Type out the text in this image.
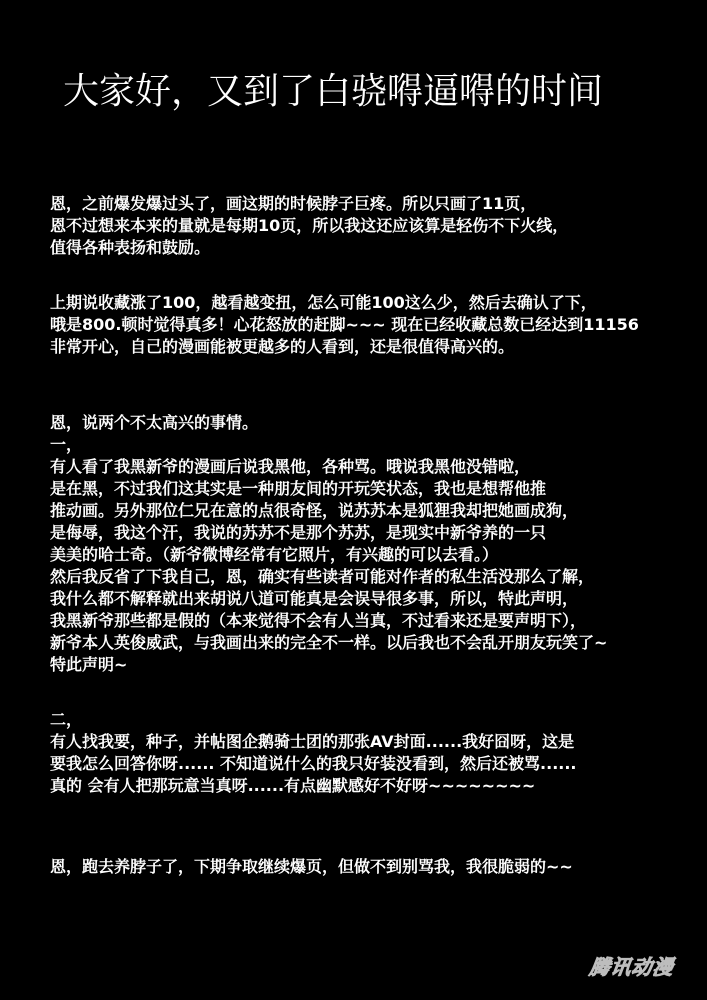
大家好，又到了白骁嘚逼嘚的时间
恩，之前爆发爆过头了，画这期的时候脖子巨疼。所以只画了11页，
恩不过想来本来的量就是每期10页，所以我这还应该算是轻伤不下火线，
值得各种表扬和鼓励。
上期说收藏涨了100，越看越变扭，怎么可能100这么少，然后去确认了下，
哦是800.顿时觉得真多！心花怒放的赶脚~~~ 现在已经收藏总数已经达到11156
非常开心，自己的漫画能被更越多的人看到，还是很值得高兴的。
恩，说两个不太高兴的事情。
一，
有人看了我黑新爷的漫画后说我黑他，各种骂。哦说我黑他没错啦，
是在黑，不过我们这其实是一种朋友间的开玩笑状态，我也是想帮他推
推动画。另外那位仁兄在意的点很奇怪，说苏苏本是狐狸我却把她画成狗，
是侮辱，我这个汗，我说的苏苏不是那个苏苏，是现实中新爷养的一只
美美的哈士奇。（新爷微博经常有它照片，有兴趣的可以去看。）
然后我反省了下我自己，恩，确实有些读者可能对作者的私生活没那么了解，
我什么都不解释就出来胡说八道可能真是会误导很多事，所以，特此声明，
我黑新爷那些都是假的（本来觉得不会有人当真，不过看来还是要声明下），
新爷本人英俊威武，与我画出来的完全不一样。以后我也不会乱开朋友玩笑了~
特此声明~
二，
有人找我要，种子，并帖图企鹅骑士团的那张AV封面......我好囧呀，这是
要我怎么回答你呀...... 不知道说什么的我只好装没看到，然后还被骂......
真的 会有人把那玩意当真呀......有点幽默感好不好呀~~~~~~~~
恩，跑去养脖子了，下期争取继续爆页，但做不到别骂我，我很脆弱的~~
腾讯动漫
